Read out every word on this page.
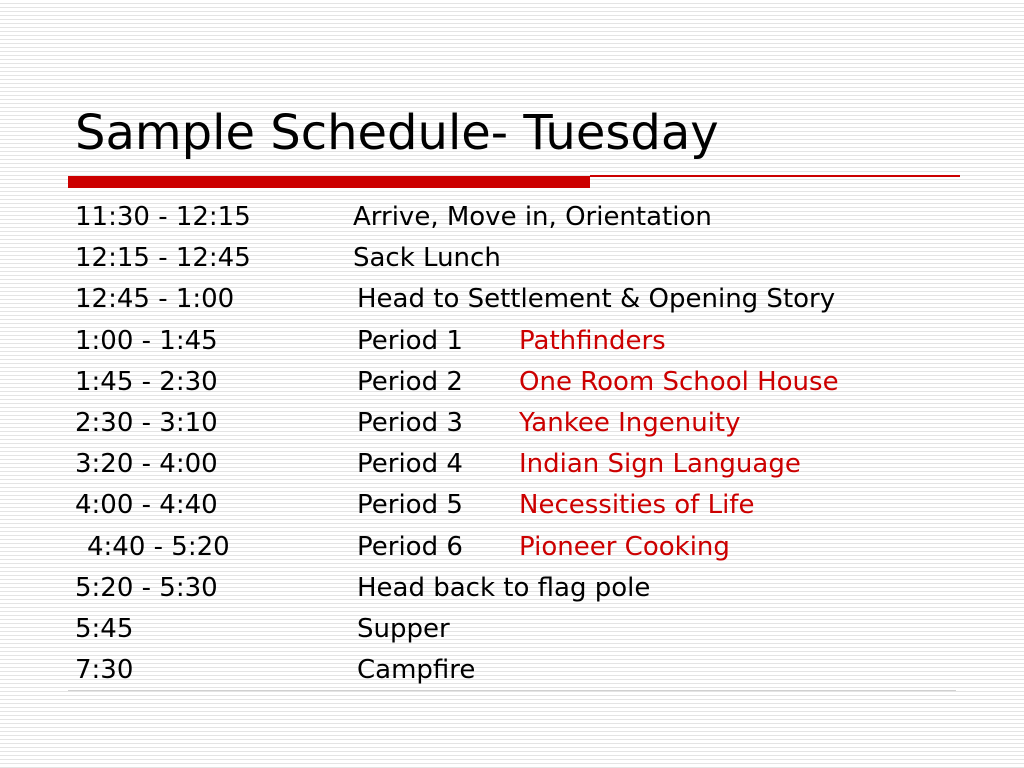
Sample Schedule- Tuesday
11:30 - 12:15	Arrive, Move in, Orientation
12:15 - 12:45	Sack Lunch
12:45 - 1:00	Head to Settlement & Opening Story
1:00 - 1:45	Period 1 Pathfinders
1:45 - 2:30	Period 2 One Room School House
2:30 - 3:10	Period 3 Yankee Ingenuity
3:20 - 4:00	Period 4 Indian Sign Language
4:00 - 4:40	Period 5 Necessities of Life
4:40 - 5:20	Period 6 Pioneer Cooking
5:20 - 5:30	Head back to flag pole
5:45	Supper
7:30	Campfire
